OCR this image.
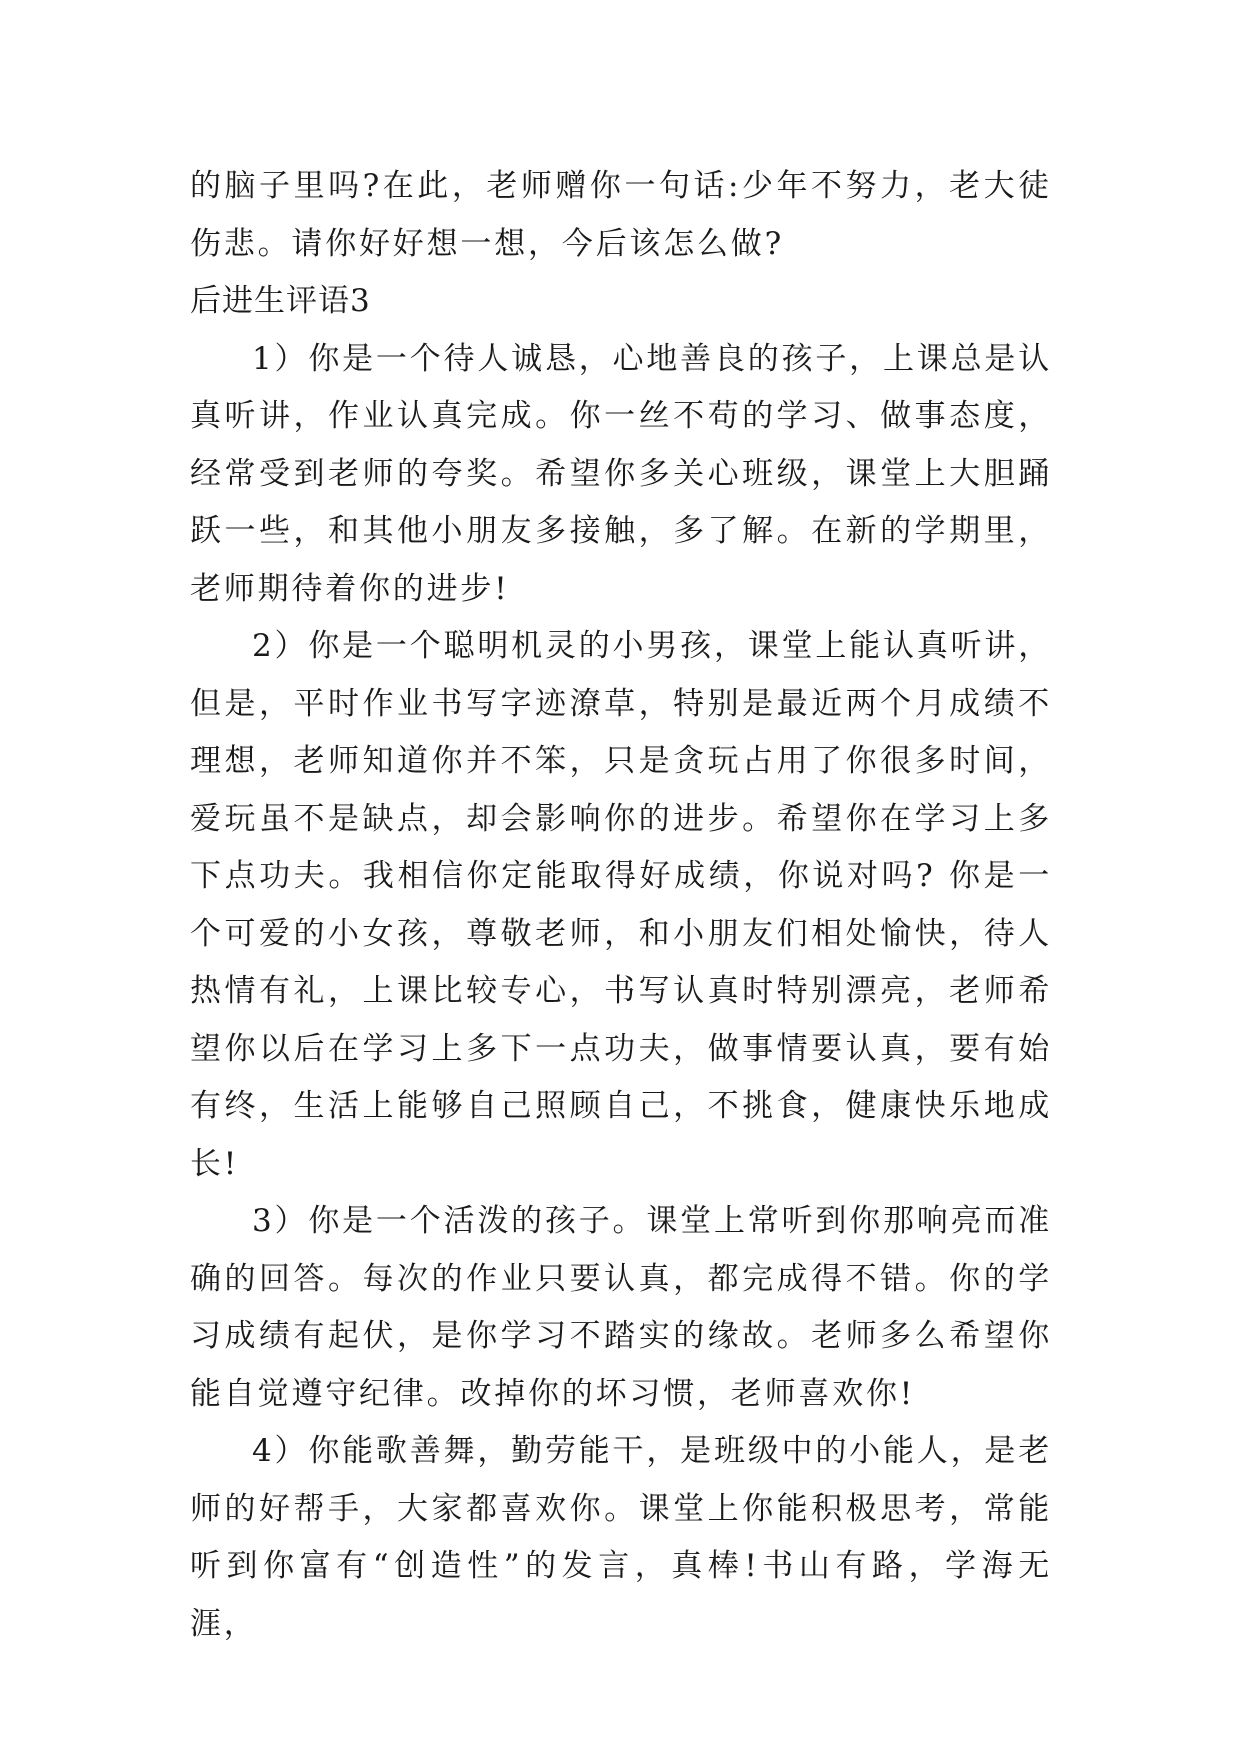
的脑子里吗?在此，老师赠你一句话:少年不努力，老大徒伤悲。请你好好想一想，今后该怎么做?

后进生评语3

1）你是一个待人诚恳，心地善良的孩子，上课总是认真听讲，作业认真完成。你一丝不苟的学习、做事态度，经常受到老师的夸奖。希望你多关心班级，课堂上大胆踊跃一些，和其他小朋友多接触，多了解。在新的学期里，老师期待着你的进步!

2）你是一个聪明机灵的小男孩，课堂上能认真听讲，但是，平时作业书写字迹潦草，特别是最近两个月成绩不理想，老师知道你并不笨，只是贪玩占用了你很多时间，爱玩虽不是缺点，却会影响你的进步。希望你在学习上多下点功夫。我相信你定能取得好成绩，你说对吗? 你是一个可爱的小女孩，尊敬老师，和小朋友们相处愉快，待人热情有礼，上课比较专心，书写认真时特别漂亮，老师希望你以后在学习上多下一点功夫，做事情要认真，要有始有终，生活上能够自己照顾自己，不挑食，健康快乐地成长!

3）你是一个活泼的孩子。课堂上常听到你那响亮而准确的回答。每次的作业只要认真，都完成得不错。你的学习成绩有起伏，是你学习不踏实的缘故。老师多么希望你能自觉遵守纪律。改掉你的坏习惯，老师喜欢你!

4）你能歌善舞，勤劳能干，是班级中的小能人，是老师的好帮手，大家都喜欢你。课堂上你能积极思考，常能听到你富有“创造性”的发言，真棒!书山有路，学海无涯，
